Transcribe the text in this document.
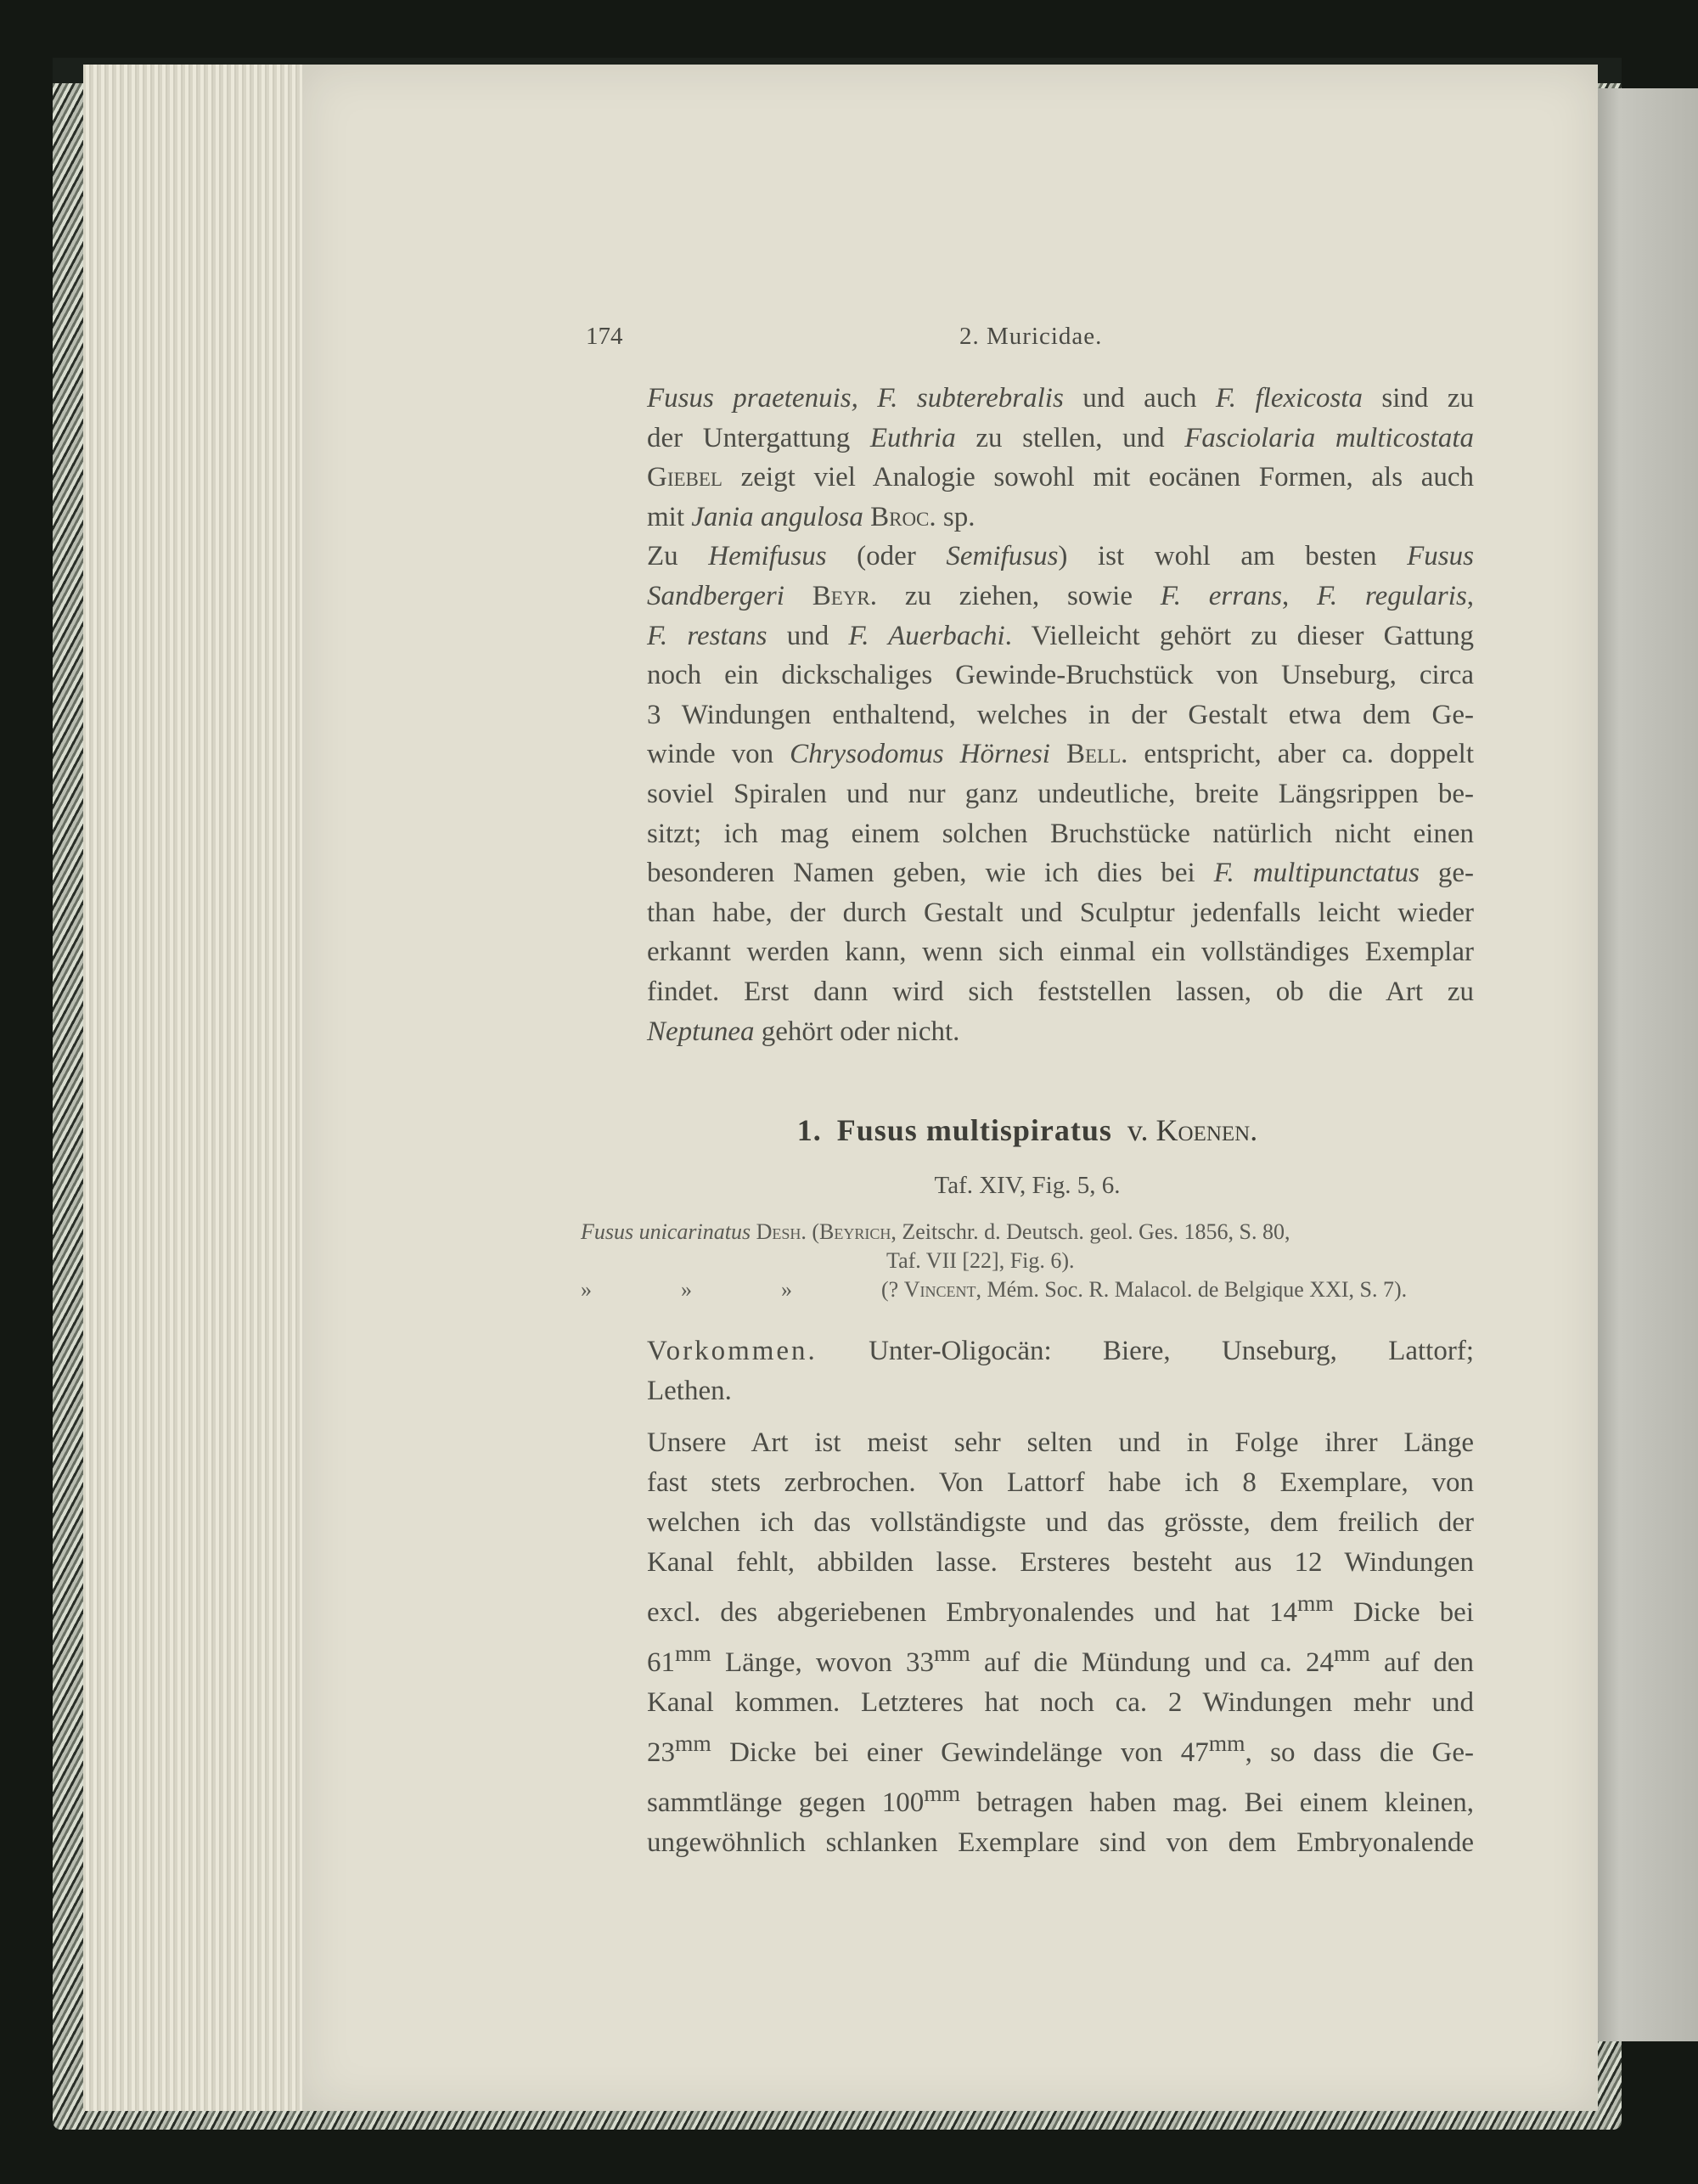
174	2. Muricidae.

Fusus praetenuis, F. subterebralis und auch F. flexicosta sind zu
der Untergattung Euthria zu stellen, und Fasciolaria multicostata
Giebel zeigt viel Analogie sowohl mit eocänen Formen, als auch
mit Jania angulosa Broc. sp.

Zu Hemifusus (oder Semifusus) ist wohl am besten Fusus
Sandbergeri Beyr. zu ziehen, sowie F. errans, F. regularis,
F. restans und F. Auerbachi. Vielleicht gehört zu dieser Gattung
noch ein dickschaliges Gewinde-Bruchstück von Unseburg, circa
3 Windungen enthaltend, welches in der Gestalt etwa dem Ge-
winde von Chrysodomus Hörnesi Bell. entspricht, aber ca. doppelt
soviel Spiralen und nur ganz undeutliche, breite Längsrippen be-
sitzt; ich mag einem solchen Bruchstücke natürlich nicht einen
besonderen Namen geben, wie ich dies bei F. multipunctatus ge-
than habe, der durch Gestalt und Sculptur jedenfalls leicht wieder
erkannt werden kann, wenn sich einmal ein vollständiges Exemplar
findet. Erst dann wird sich feststellen lassen, ob die Art zu
Neptunea gehört oder nicht.

1. Fusus multispiratus v. Koenen.
Taf. XIV, Fig. 5, 6.
Fusus unicarinatus Desh. (Beyrich, Zeitschr. d. Deutsch. geol. Ges. 1856, S. 80,
Taf. VII [22], Fig. 6).
»	»	»	(? Vincent, Mém. Soc. R. Malacol. de Belgique XXI, S. 7).

Vorkommen. Unter-Oligocän: Biere, Unseburg, Lattorf;
Lethen.

Unsere Art ist meist sehr selten und in Folge ihrer Länge
fast stets zerbrochen. Von Lattorf habe ich 8 Exemplare, von
welchen ich das vollständigste und das grösste, dem freilich der
Kanal fehlt, abbilden lasse. Ersteres besteht aus 12 Windungen
excl. des abgeriebenen Embryonalendes und hat $14^{mm}$ Dicke bei
$61^{mm}$ Länge, wovon $33^{mm}$ auf die Mündung und ca. $24^{mm}$ auf den
Kanal kommen. Letzteres hat noch ca. 2 Windungen mehr und
$23^{mm}$ Dicke bei einer Gewindelänge von $47^{mm}$, so dass die Ge-
sammtlänge gegen $100^{mm}$ betragen haben mag. Bei einem kleinen,
ungewöhnlich schlanken Exemplare sind von dem Embryonalende
